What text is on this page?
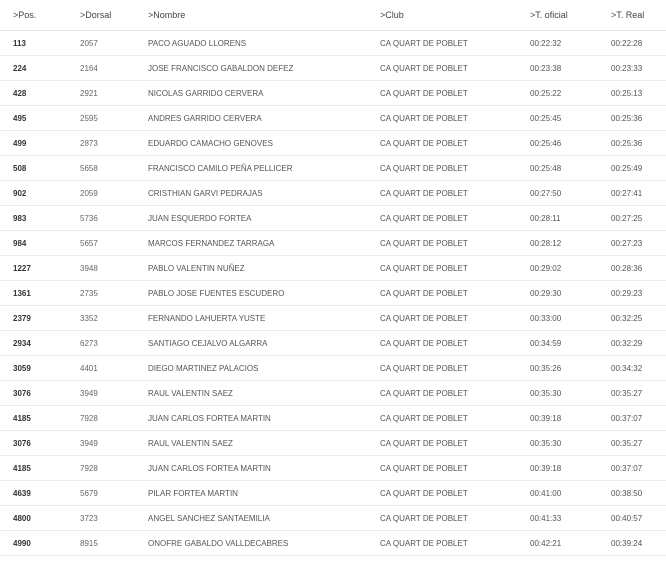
>Pos.	>Dorsal	>Nombre	>Club	>T. oficial	>T. Real
113	2057	PACO AGUADO LLORENS	CA QUART DE POBLET	00:22:32	00:22:28
224	2164	JOSE FRANCISCO GABALDON DEFEZ	CA QUART DE POBLET	00:23:38	00:23:33
428	2921	NICOLAS GARRIDO CERVERA	CA QUART DE POBLET	00:25:22	00:25:13
495	2595	ANDRES GARRIDO CERVERA	CA QUART DE POBLET	00:25:45	00:25:36
499	2873	EDUARDO CAMACHO GENOVES	CA QUART DE POBLET	00:25:46	00:25:36
508	5658	FRANCISCO CAMILO PEÑA PELLICER	CA QUART DE POBLET	00:25:48	00:25:49
902	2059	CRISTHIAN GARVI PEDRAJAS	CA QUART DE POBLET	00:27:50	00:27:41
983	5736	JUAN ESQUERDO FORTEA	CA QUART DE POBLET	00:28:11	00:27:25
984	5657	MARCOS FERNANDEZ TARRAGA	CA QUART DE POBLET	00:28:12	00:27:23
1227	3948	PABLO VALENTIN NUÑEZ	CA QUART DE POBLET	00:29:02	00:28:36
1361	2735	PABLO JOSE FUENTES ESCUDERO	CA QUART DE POBLET	00:29:30	00:29:23
2379	3352	FERNANDO LAHUERTA YUSTE	CA QUART DE POBLET	00:33:00	00:32:25
2934	6273	SANTIAGO CEJALVO ALGARRA	CA QUART DE POBLET	00:34:59	00:32:29
3059	4401	DIEGO MARTINEZ PALACIOS	CA QUART DE POBLET	00:35:26	00:34:32
3076	3949	RAUL VALENTIN SAEZ	CA QUART DE POBLET	00:35:30	00:35:27
4185	7928	JUAN CARLOS FORTEA MARTIN	CA QUART DE POBLET	00:39:18	00:37:07
3076	3949	RAUL VALENTIN SAEZ	CA QUART DE POBLET	00:35:30	00:35:27
4185	7928	JUAN CARLOS FORTEA MARTIN	CA QUART DE POBLET	00:39:18	00:37:07
4639	5679	PILAR FORTEA MARTIN	CA QUART DE POBLET	00:41:00	00:38:50
4800	3723	ANGEL SANCHEZ SANTAEMILIA	CA QUART DE POBLET	00:41:33	00:40:57
4990	8915	ONOFRE GABALDO VALLDECABRES	CA QUART DE POBLET	00:42:21	00:39:24
